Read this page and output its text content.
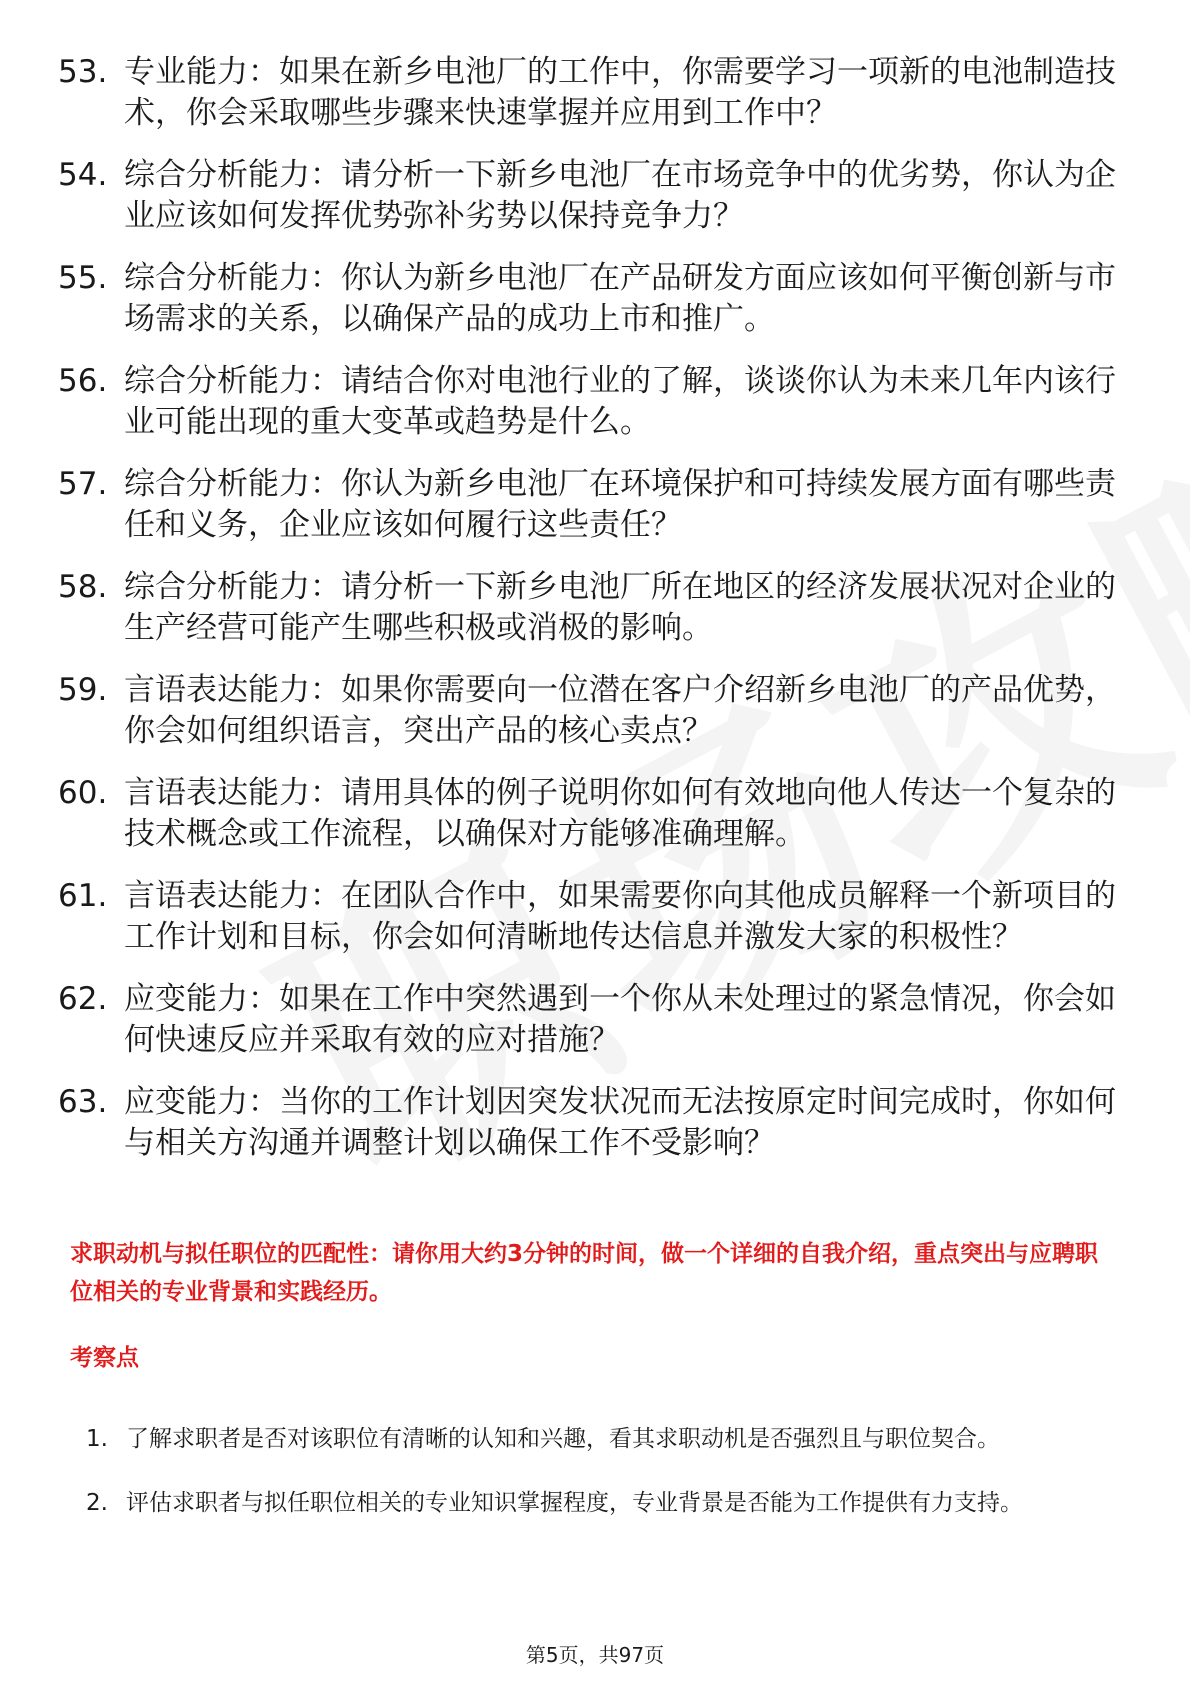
53. 专业能力：如果在新乡电池厂的工作中，你需要学习一项新的电池制造技术，你会采取哪些步骤来快速掌握并应用到工作中？
54. 综合分析能力：请分析一下新乡电池厂在市场竞争中的优劣势，你认为企业应该如何发挥优势弥补劣势以保持竞争力？
55. 综合分析能力：你认为新乡电池厂在产品研发方面应该如何平衡创新与市场需求的关系，以确保产品的成功上市和推广。
56. 综合分析能力：请结合你对电池行业的了解，谈谈你认为未来几年内该行业可能出现的重大变革或趋势是什么。
57. 综合分析能力：你认为新乡电池厂在环境保护和可持续发展方面有哪些责任和义务，企业应该如何履行这些责任？
58. 综合分析能力：请分析一下新乡电池厂所在地区的经济发展状况对企业的生产经营可能产生哪些积极或消极的影响。
59. 言语表达能力：如果你需要向一位潜在客户介绍新乡电池厂的产品优势，你会如何组织语言，突出产品的核心卖点？
60. 言语表达能力：请用具体的例子说明你如何有效地向他人传达一个复杂的技术概念或工作流程，以确保对方能够准确理解。
61. 言语表达能力：在团队合作中，如果需要你向其他成员解释一个新项目的工作计划和目标，你会如何清晰地传达信息并激发大家的积极性？
62. 应变能力：如果在工作中突然遇到一个你从未处理过的紧急情况，你会如何快速反应并采取有效的应对措施？
63. 应变能力：当你的工作计划因突发状况而无法按原定时间完成时，你如何与相关方沟通并调整计划以确保工作不受影响？
求职动机与拟任职位的匹配性：请你用大约3分钟的时间，做一个详细的自我介绍，重点突出与应聘职位相关的专业背景和实践经历。
考察点
1. 了解求职者是否对该职位有清晰的认知和兴趣，看其求职动机是否强烈且与职位契合。
2. 评估求职者与拟任职位相关的专业知识掌握程度，专业背景是否能为工作提供有力支持。
第5页，共97页
